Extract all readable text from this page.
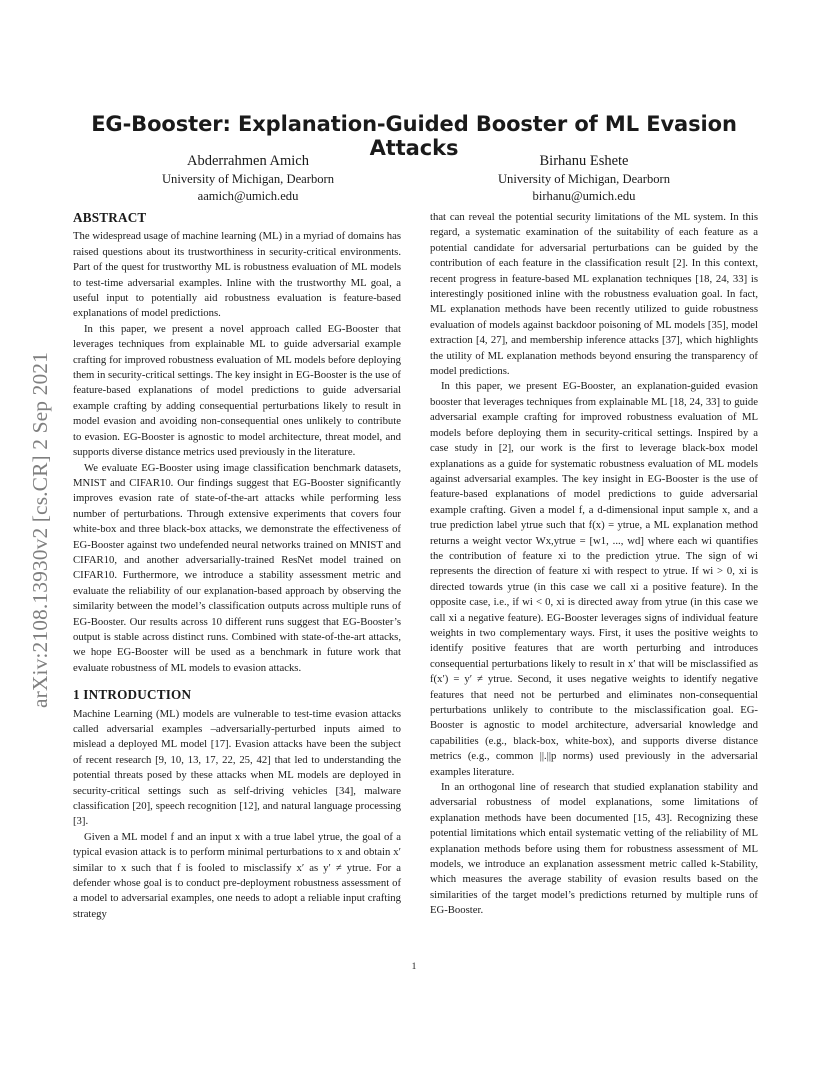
arXiv:2108.13930v2 [cs.CR] 2 Sep 2021
EG-Booster: Explanation-Guided Booster of ML Evasion Attacks
Abderrahmen Amich
University of Michigan, Dearborn
aamich@umich.edu
Birhanu Eshete
University of Michigan, Dearborn
birhanu@umich.edu
ABSTRACT

The widespread usage of machine learning (ML) in a myriad of domains has raised questions about its trustworthiness in security-critical environments. Part of the quest for trustworthy ML is robustness evaluation of ML models to test-time adversarial examples. Inline with the trustworthy ML goal, a useful input to potentially aid robustness evaluation is feature-based explanations of model predictions.

In this paper, we present a novel approach called EG-Booster that leverages techniques from explainable ML to guide adversarial example crafting for improved robustness evaluation of ML models before deploying them in security-critical settings. The key insight in EG-Booster is the use of feature-based explanations of model predictions to guide adversarial example crafting by adding consequential perturbations likely to result in model evasion and avoiding non-consequential ones unlikely to contribute to evasion. EG-Booster is agnostic to model architecture, threat model, and supports diverse distance metrics used previously in the literature.

We evaluate EG-Booster using image classification benchmark datasets, MNIST and CIFAR10. Our findings suggest that EG-Booster significantly improves evasion rate of state-of-the-art attacks while performing less number of perturbations. Through extensive experiments that covers four white-box and three black-box attacks, we demonstrate the effectiveness of EG-Booster against two undefended neural networks trained on MNIST and CIFAR10, and another adversarially-trained ResNet model trained on CIFAR10. Furthermore, we introduce a stability assessment metric and evaluate the reliability of our explanation-based approach by observing the similarity between the model’s classification outputs across multiple runs of EG-Booster. Our results across 10 different runs suggest that EG-Booster’s output is stable across distinct runs. Combined with state-of-the-art attacks, we hope EG-Booster will be used as a benchmark in future work that evaluate robustness of ML models to evasion attacks.

1 INTRODUCTION

Machine Learning (ML) models are vulnerable to test-time evasion attacks called adversarial examples –adversarially-perturbed inputs aimed to mislead a deployed ML model [17]. Evasion attacks have been the subject of recent research [9, 10, 13, 17, 22, 25, 42] that led to understanding the potential threats posed by these attacks when ML models are deployed in security-critical settings such as self-driving vehicles [34], malware classification [20], speech recognition [12], and natural language processing [3].

Given a ML model f and an input x with a true label ytrue, the goal of a typical evasion attack is to perform minimal perturbations to x and obtain x′ similar to x such that f is fooled to misclassify x′ as y′ ≠ ytrue. For a defender whose goal is to conduct pre-deployment robustness assessment of a model to adversarial examples, one needs to adopt a reliable input crafting strategy

that can reveal the potential security limitations of the ML system. In this regard, a systematic examination of the suitability of each feature as a potential candidate for adversarial perturbations can be guided by the contribution of each feature in the classification result [2]. In this context, recent progress in feature-based ML explanation techniques [18, 24, 33] is interestingly positioned inline with the robustness evaluation goal. In fact, ML explanation methods have been recently utilized to guide robustness evaluation of models against backdoor poisoning of ML models [35], model extraction [4, 27], and membership inference attacks [37], which highlights the utility of ML explanation methods beyond ensuring the transparency of model predictions.

In this paper, we present EG-Booster, an explanation-guided evasion booster that leverages techniques from explainable ML [18, 24, 33] to guide adversarial example crafting for improved robustness evaluation of ML models before deploying them in security-critical settings. Inspired by a case study in [2], our work is the first to leverage black-box model explanations as a guide for systematic robustness evaluation of ML models against adversarial examples. The key insight in EG-Booster is the use of feature-based explanations of model predictions to guide adversarial example crafting. Given a model f, a d-dimensional input sample x, and a true prediction label ytrue such that f(x) = ytrue, a ML explanation method returns a weight vector Wx,ytrue = [w1, ..., wd] where each wi quantifies the contribution of feature xi to the prediction ytrue. The sign of wi represents the direction of feature xi with respect to ytrue. If wi > 0, xi is directed towards ytrue (in this case we call xi a positive feature). In the opposite case, i.e., if wi < 0, xi is directed away from ytrue (in this case we call xi a negative feature). EG-Booster leverages signs of individual feature weights in two complementary ways. First, it uses the positive weights to identify positive features that are worth perturbing and introduces consequential perturbations likely to result in x′ that will be misclassified as f(x′) = y′ ≠ ytrue. Second, it uses negative weights to identify negative features that need not be perturbed and eliminates non-consequential perturbations unlikely to contribute to the misclassification goal. EG-Booster is agnostic to model architecture, adversarial knowledge and capabilities (e.g., black-box, white-box), and supports diverse distance metrics (e.g., common ||.||p norms) used previously in the adversarial examples literature.

In an orthogonal line of research that studied explanation stability and adversarial robustness of model explanations, some limitations of explanation methods have been documented [15, 43]. Recognizing these potential limitations which entail systematic vetting of the reliability of ML explanation methods before using them for robustness assessment of ML models, we introduce an explanation assessment metric called k-Stability, which measures the average stability of evasion results based on the similarities of the target model’s predictions returned by multiple runs of EG-Booster.

1
